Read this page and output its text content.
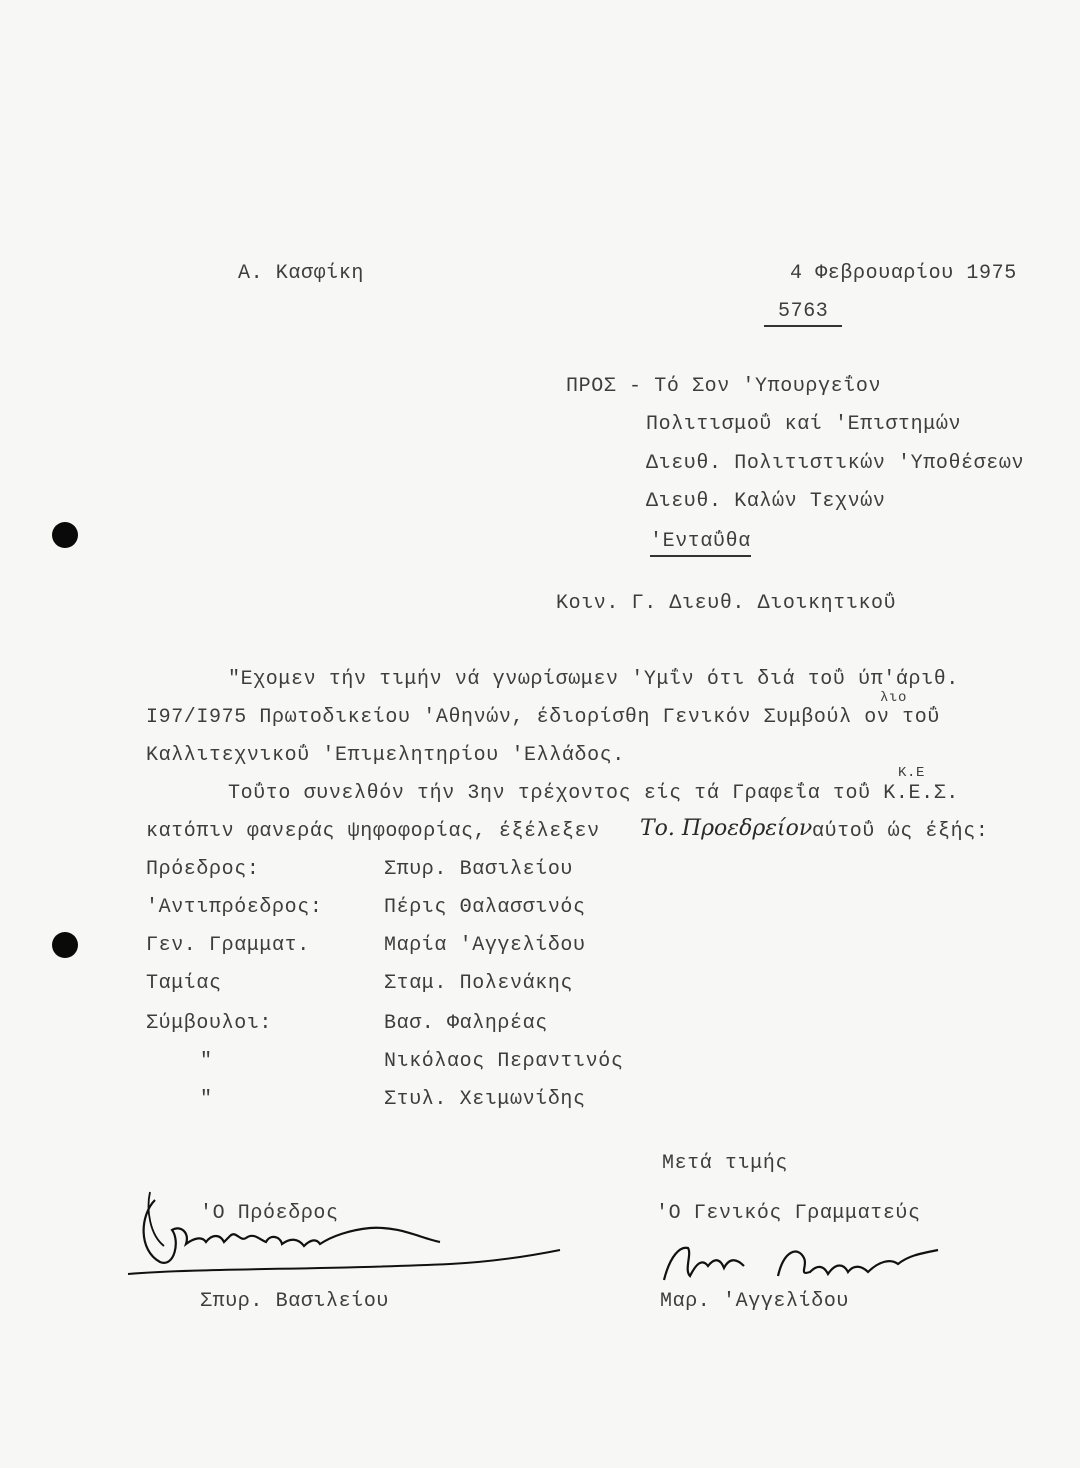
Α. Κασφίκη	4 Φεβρουαρίου 1975
5763
ΠΡΟΣ - Τό Σον 'Υπουργεΐον
Πολιτισμοΰ καί 'Επιστημών
Διευθ. Πολιτιστικών 'Υποθέσεων
Διευθ. Καλών Τεχνών
'Ενταΰθα
Κοιν. Γ. Διευθ. Διοικητικοΰ
"Εχομεν τήν τιμήν νά γνωρίσωμεν 'Υμΐν ότι διά τοΰ ύπ'άριθ.
λιο
Ι97/Ι975 Πρωτοδικείου 'Αθηνών, έδιορίσθη Γενικόν Συμβούλ ον τοΰ
Καλλιτεχνικοΰ 'Επιμελητηρίου 'Ελλάδος.
Κ.Ε
Τοΰτο συνελθόν τήν 3ην τρέχοντος είς τά Γραφεΐα τοΰ Κ.Ε.Σ.
κατόπιν φανεράς ψηφοφορίας, έξέλεξεν Το. Προεδρείον αύτοΰ ώς έξής:
Πρόεδρος:	Σπυρ. Βασιλείου
'Αντιπρόεδρος:	Πέρις Θαλασσινός
Γεν. Γραμματ.	Μαρία 'Αγγελίδου
Ταμίας	Σταμ. Πολενάκης
Σύμβουλοι:	Βασ. Φαληρέας
"	Νικόλαος Περαντινός
"	Στυλ. Χειμωνίδης
Μετά τιμής
'Ο Πρόεδρος	'Ο Γενικός Γραμματεύς
Σπυρ. Βασιλείου	Μαρ. 'Αγγελίδου
